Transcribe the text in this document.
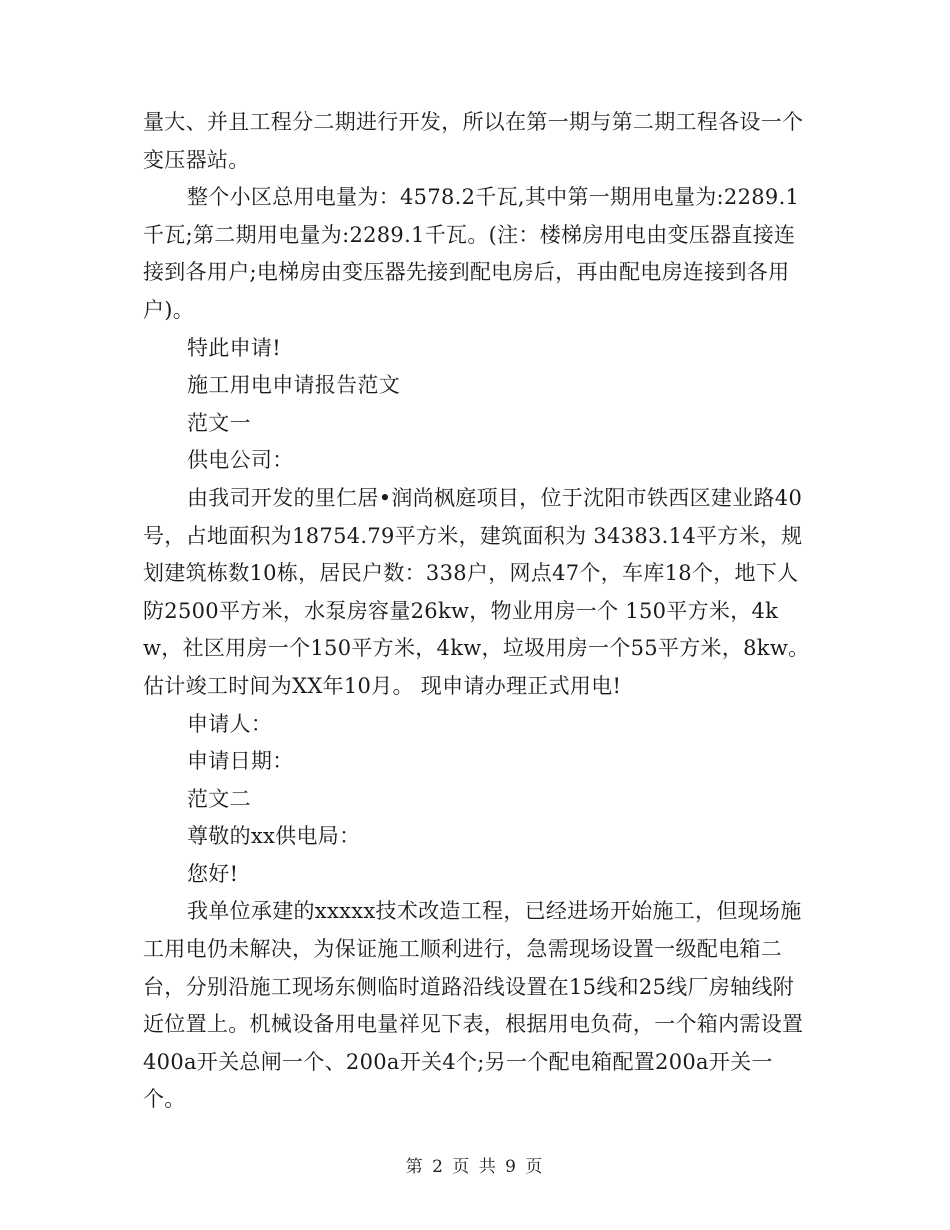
量大、并且工程分二期进行开发，所以在第一期与第二期工程各设一个变压器站。

整个小区总用电量为：4578.2千瓦,其中第一期用电量为:2289.1千瓦;第二期用电量为:2289.1千瓦。(注：楼梯房用电由变压器直接连接到各用户;电梯房由变压器先接到配电房后，再由配电房连接到各用户)。

特此申请!

施工用电申请报告范文

范文一

供电公司：

由我司开发的里仁居•润尚枫庭项目，位于沈阳市铁西区建业路40号，占地面积为18754.79平方米，建筑面积为 34383.14平方米，规划建筑栋数10栋，居民户数：338户，网点47个，车库18个，地下人防2500平方米，水泵房容量26kw，物业用房一个 150平方米，4kw，社区用房一个150平方米，4kw，垃圾用房一个55平方米，8kw。估计竣工时间为XX年10月。 现申请办理正式用电!

申请人：

申请日期：

范文二

尊敬的xx供电局：

您好!

我单位承建的xxxxx技术改造工程，已经进场开始施工，但现场施工用电仍未解决，为保证施工顺利进行，急需现场设置一级配电箱二台，分别沿施工现场东侧临时道路沿线设置在15线和25线厂房轴线附近位置上。机械设备用电量祥见下表，根据用电负荷，一个箱内需设置400a开关总闸一个、200a开关4个;另一个配电箱配置200a开关一个。

第 2 页 共 9 页
